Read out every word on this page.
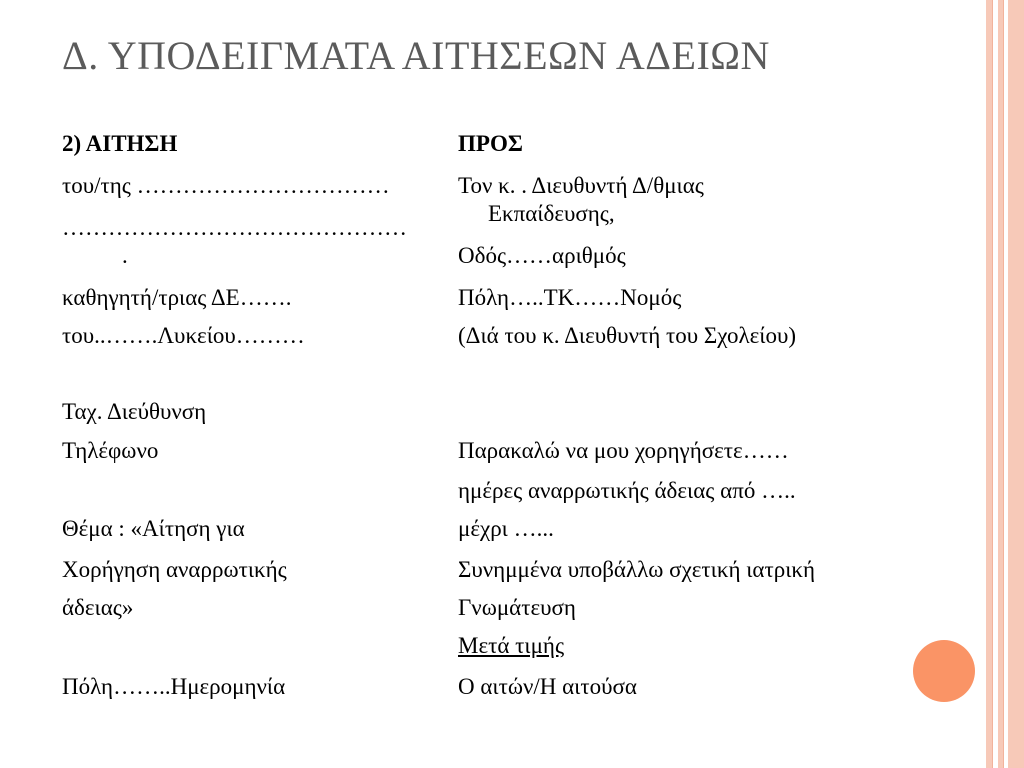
Δ. ΥΠΟΔΕΙΓΜΑΤΑ ΑΙΤΗΣΕΩΝ ΑΔΕΙΩΝ
2) ΑΙΤΗΣΗ
του/της ……………………………
………………………………………
.
καθηγητή/τριας ΔΕ…….
του..…….Λυκείου………
Ταχ. Διεύθυνση
Τηλέφωνο
Θέμα : «Αίτηση για
Χορήγηση αναρρωτικής
άδειας»
Πόλη……..Ημερομηνία
ΠΡΟΣ
Τον κ. . Διευθυντή Δ/θμιας
Εκπαίδευσης,
Οδός……αριθμός
Πόλη…..ΤΚ……Νομός
(Διά του κ. Διευθυντή του Σχολείου)
Παρακαλώ να μου χορηγήσετε……
ημέρες αναρρωτικής άδειας από …..
μέχρι …...
Συνημμένα υποβάλλω σχετική ιατρική
Γνωμάτευση
Μετά τιμής
Ο αιτών/Η αιτούσα
